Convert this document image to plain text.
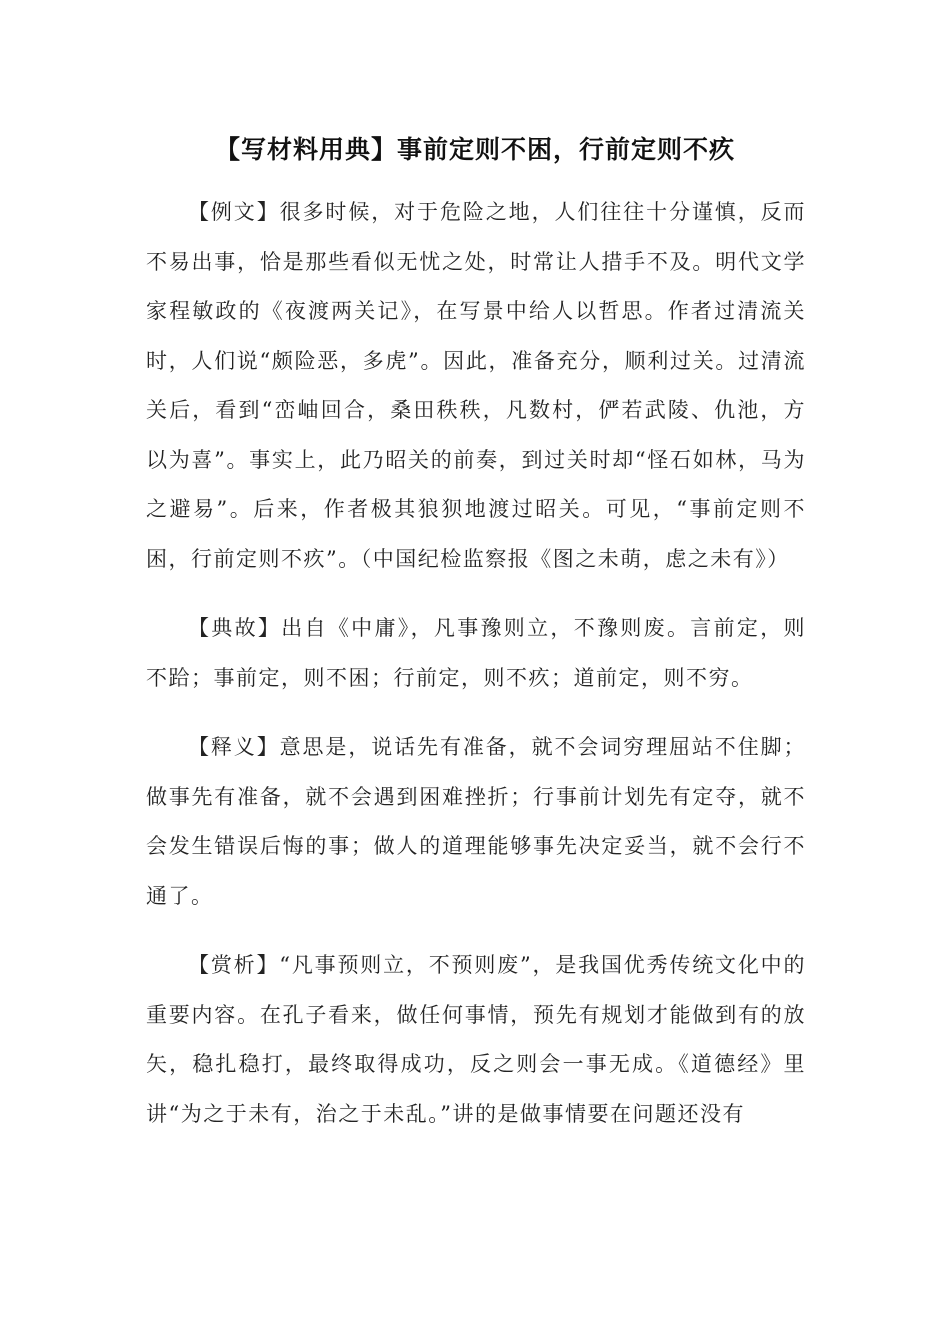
【写材料用典】事前定则不困，行前定则不疚

【例文】很多时候，对于危险之地，人们往往十分谨慎，反而不易出事，恰是那些看似无忧之处，时常让人措手不及。明代文学家程敏政的《夜渡两关记》，在写景中给人以哲思。作者过清流关时，人们说“颇险恶，多虎”。因此，准备充分，顺利过关。过清流关后，看到“峦岫回合，桑田秩秩，凡数村，俨若武陵、仇池，方以为喜”。事实上，此乃昭关的前奏，到过关时却“怪石如林，马为之避易”。后来，作者极其狼狈地渡过昭关。可见，“事前定则不困，行前定则不疚”。（中国纪检监察报《图之未萌，虑之未有》）

【典故】出自《中庸》，凡事豫则立，不豫则废。言前定，则不跲；事前定，则不困；行前定，则不疚；道前定，则不穷。

【释义】意思是，说话先有准备，就不会词穷理屈站不住脚；做事先有准备，就不会遇到困难挫折；行事前计划先有定夺，就不会发生错误后悔的事；做人的道理能够事先决定妥当，就不会行不通了。

【赏析】“凡事预则立，不预则废”，是我国优秀传统文化中的重要内容。在孔子看来，做任何事情，预先有规划才能做到有的放矢，稳扎稳打，最终取得成功，反之则会一事无成。《道德经》里讲“为之于未有，治之于未乱。”讲的是做事情要在问题还没有
